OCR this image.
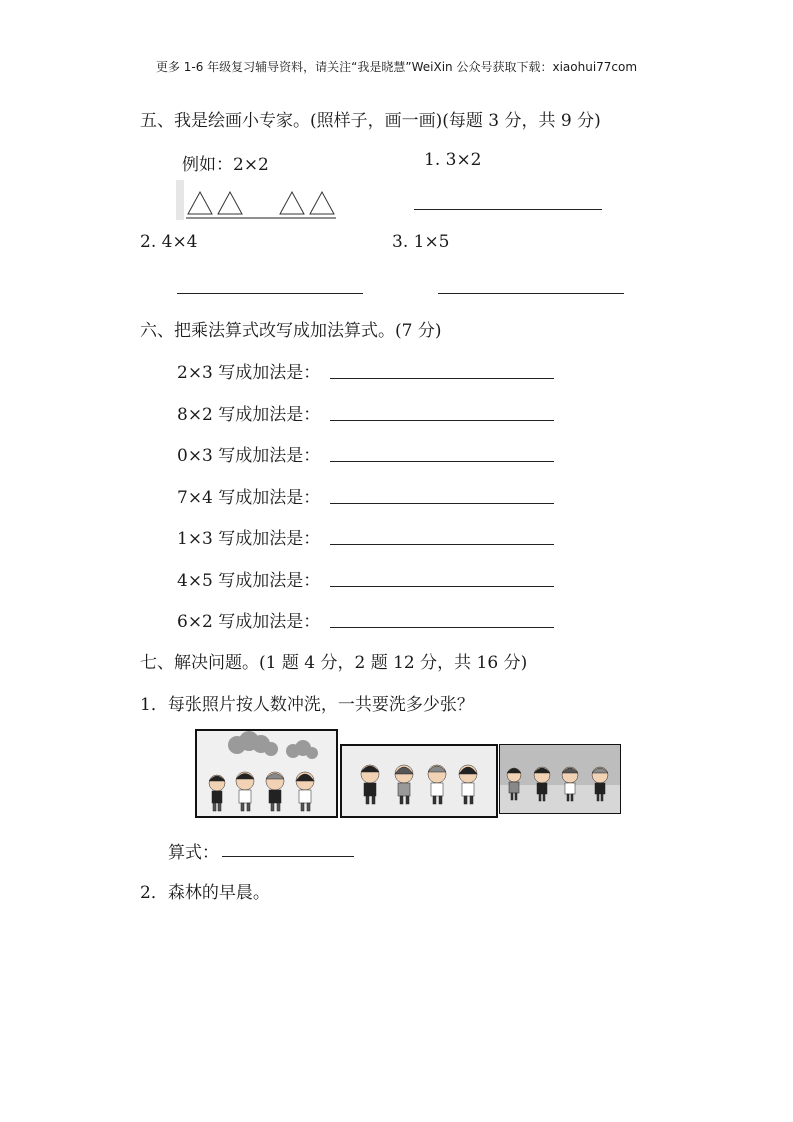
更多 1-6 年级复习辅导资料，请关注“我是晓慧”WeiXin 公众号获取下载：xiaohui77com
五、我是绘画小专家。(照样子，画一画)(每题 3 分，共 9 分)
例如：2×2	1. 3×2
2. 4×4	3. 1×5
六、把乘法算式改写成加法算式。(7 分)
2×3 写成加法是：
8×2 写成加法是：
0×3 写成加法是：
7×4 写成加法是：
1×3 写成加法是：
4×5 写成加法是：
6×2 写成加法是：
七、解决问题。(1 题 4 分，2 题 12 分，共 16 分)
1．每张照片按人数冲洗，一共要洗多少张？
算式：
2．森林的早晨。
